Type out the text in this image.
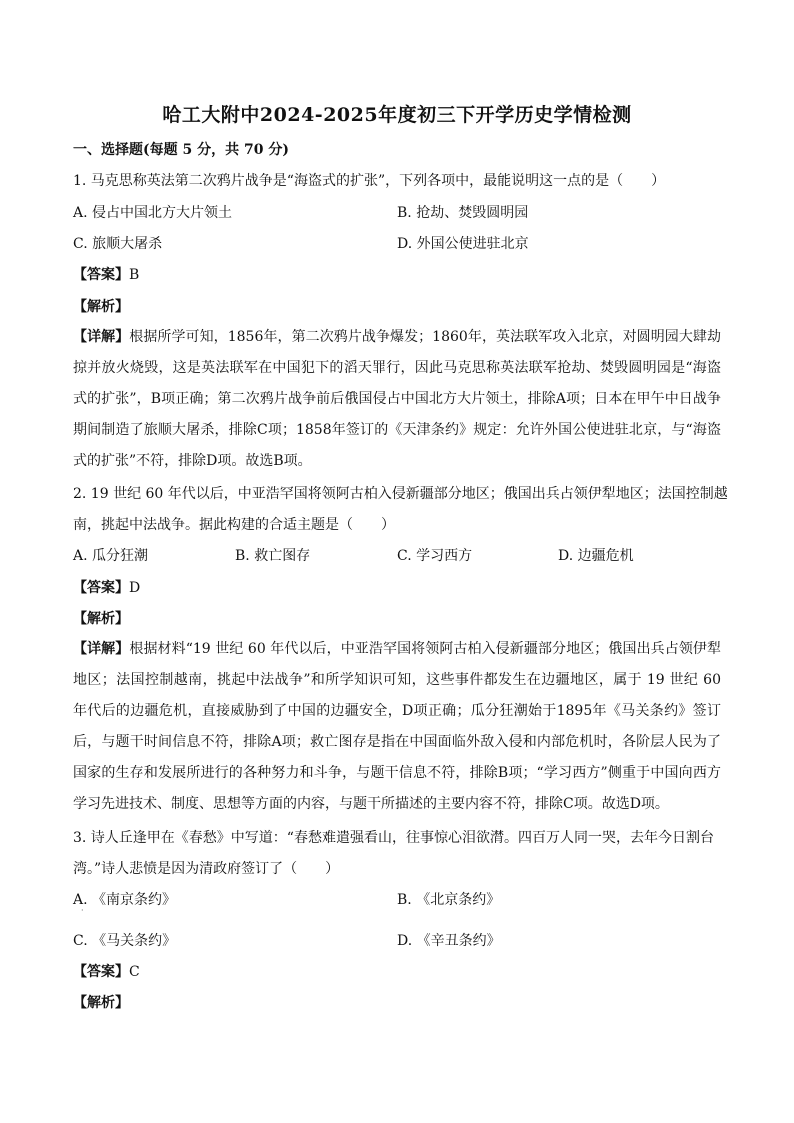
哈工大附中2024-2025年度初三下开学历史学情检测
一、选择题(每题 5 分，共 70 分)
1. 马克思称英法第二次鸦片战争是“海盗式的扩张”，下列各项中，最能说明这一点的是（　　）
A. 侵占中国北方大片领土	B. 抢劫、焚毁圆明园
C. 旅顺大屠杀	D. 外国公使进驻北京
【答案】B
【解析】
【详解】根据所学可知，1856年，第二次鸦片战争爆发；1860年，英法联军攻入北京，对圆明园大肆劫掠并放火烧毁，这是英法联军在中国犯下的滔天罪行，因此马克思称英法联军抢劫、焚毁圆明园是“海盗式的扩张”，B项正确；第二次鸦片战争前后俄国侵占中国北方大片领土，排除A项；日本在甲午中日战争期间制造了旅顺大屠杀，排除C项；1858年签订的《天津条约》规定：允许外国公使进驻北京，与“海盗式的扩张”不符，排除D项。故选B项。
2. 19 世纪 60 年代以后，中亚浩罕国将领阿古柏入侵新疆部分地区；俄国出兵占领伊犁地区；法国控制越
南，挑起中法战争。据此构建的合适主题是（　　）
A. 瓜分狂潮	B. 救亡图存	C. 学习西方	D. 边疆危机
【答案】D
【解析】
【详解】根据材料“19 世纪 60 年代以后，中亚浩罕国将领阿古柏入侵新疆部分地区；俄国出兵占领伊犁地区；法国控制越南，挑起中法战争”和所学知识可知，这些事件都发生在边疆地区，属于 19 世纪 60 年代后的边疆危机，直接威胁到了中国的边疆安全，D项正确；瓜分狂潮始于1895年《马关条约》签订后，与题干时间信息不符，排除A项；救亡图存是指在中国面临外敌入侵和内部危机时，各阶层人民为了国家的生存和发展所进行的各种努力和斗争，与题干信息不符，排除B项；“学习西方”侧重于中国向西方学习先进技术、制度、思想等方面的内容，与题干所描述的主要内容不符，排除C项。故选D项。
3. 诗人丘逢甲在《春愁》中写道：“春愁难遣强看山，往事惊心泪欲潸。四百万人同一哭，去年今日割台
湾。”诗人悲愤是因为清政府签订了（　　）
A. 《南京条约》
·
B. 《北京条约》
C. 《马关条约》	D. 《辛丑条约》
【答案】C
【解析】
